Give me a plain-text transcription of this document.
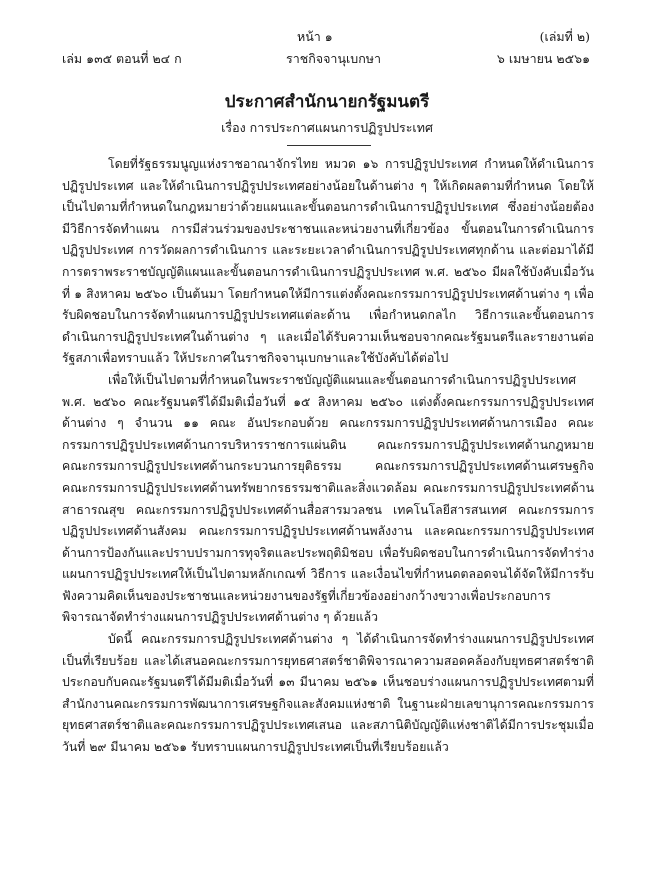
หน้า ๑	(เล่มที่ ๒)
เล่ม ๑๓๕ ตอนที่ ๒๔ ก	ราชกิจจานุเบกษา	๖ เมษายน ๒๕๖๑
ประกาศสำนักนายกรัฐมนตรี
เรื่อง การประกาศแผนการปฏิรูปประเทศ

โดยที่รัฐธรรมนูญแห่งราชอาณาจักรไทย หมวด ๑๖ การปฏิรูปประเทศ กำหนดให้ดำเนินการปฏิรูปประเทศ และให้ดำเนินการปฏิรูปประเทศอย่างน้อยในด้านต่าง ๆ ให้เกิดผลตามที่กำหนด โดยให้เป็นไปตามที่กำหนดในกฎหมายว่าด้วยแผนและขั้นตอนการดำเนินการปฏิรูปประเทศ ซึ่งอย่างน้อยต้องมีวิธีการจัดทำแผน การมีส่วนร่วมของประชาชนและหน่วยงานที่เกี่ยวข้อง ขั้นตอนในการดำเนินการปฏิรูปประเทศ การวัดผลการดำเนินการ และระยะเวลาดำเนินการปฏิรูปประเทศทุกด้าน และต่อมาได้มีการตราพระราชบัญญัติแผนและขั้นตอนการดำเนินการปฏิรูปประเทศ พ.ศ. ๒๕๖๐ มีผลใช้บังคับเมื่อวันที่ ๑ สิงหาคม ๒๕๖๐ เป็นต้นมา โดยกำหนดให้มีการแต่งตั้งคณะกรรมการปฏิรูปประเทศด้านต่าง ๆ เพื่อรับผิดชอบในการจัดทำแผนการปฏิรูปประเทศแต่ละด้าน เพื่อกำหนดกลไก วิธีการและขั้นตอนการดำเนินการปฏิรูปประเทศในด้านต่าง ๆ และเมื่อได้รับความเห็นชอบจากคณะรัฐมนตรีและรายงานต่อรัฐสภาเพื่อทราบแล้ว ให้ประกาศในราชกิจจานุเบกษาและใช้บังคับได้ต่อไป

เพื่อให้เป็นไปตามที่กำหนดในพระราชบัญญัติแผนและขั้นตอนการดำเนินการปฏิรูปประเทศ พ.ศ. ๒๕๖๐ คณะรัฐมนตรีได้มีมติเมื่อวันที่ ๑๕ สิงหาคม ๒๕๖๐ แต่งตั้งคณะกรรมการปฏิรูปประเทศด้านต่าง ๆ จำนวน ๑๑ คณะ อันประกอบด้วย คณะกรรมการปฏิรูปประเทศด้านการเมือง คณะกรรมการปฏิรูปประเทศด้านการบริหารราชการแผ่นดิน คณะกรรมการปฏิรูปประเทศด้านกฎหมาย คณะกรรมการปฏิรูปประเทศด้านกระบวนการยุติธรรม คณะกรรมการปฏิรูปประเทศด้านเศรษฐกิจ คณะกรรมการปฏิรูปประเทศด้านทรัพยากรธรรมชาติและสิ่งแวดล้อม คณะกรรมการปฏิรูปประเทศด้านสาธารณสุข คณะกรรมการปฏิรูปประเทศด้านสื่อสารมวลชน เทคโนโลยีสารสนเทศ คณะกรรมการปฏิรูปประเทศด้านสังคม คณะกรรมการปฏิรูปประเทศด้านพลังงาน และคณะกรรมการปฏิรูปประเทศด้านการป้องกันและปราบปรามการทุจริตและประพฤติมิชอบ เพื่อรับผิดชอบในการดำเนินการจัดทำร่างแผนการปฏิรูปประเทศให้เป็นไปตามหลักเกณฑ์ วิธีการ และเงื่อนไขที่กำหนดตลอดจนได้จัดให้มีการรับฟังความคิดเห็นของประชาชนและหน่วยงานของรัฐที่เกี่ยวข้องอย่างกว้างขวางเพื่อประกอบการพิจารณาจัดทำร่างแผนการปฏิรูปประเทศด้านต่าง ๆ ด้วยแล้ว

บัดนี้ คณะกรรมการปฏิรูปประเทศด้านต่าง ๆ ได้ดำเนินการจัดทำร่างแผนการปฏิรูปประเทศเป็นที่เรียบร้อย และได้เสนอคณะกรรมการยุทธศาสตร์ชาติพิจารณาความสอดคล้องกับยุทธศาสตร์ชาติประกอบกับคณะรัฐมนตรีได้มีมติเมื่อวันที่ ๑๓ มีนาคม ๒๕๖๑ เห็นชอบร่างแผนการปฏิรูปประเทศตามที่สำนักงานคณะกรรมการพัฒนาการเศรษฐกิจและสังคมแห่งชาติ ในฐานะฝ่ายเลขานุการคณะกรรมการยุทธศาสตร์ชาติและคณะกรรมการปฏิรูปประเทศเสนอ และสภานิติบัญญัติแห่งชาติได้มีการประชุมเมื่อวันที่ ๒๙ มีนาคม ๒๕๖๑ รับทราบแผนการปฏิรูปประเทศเป็นที่เรียบร้อยแล้ว
